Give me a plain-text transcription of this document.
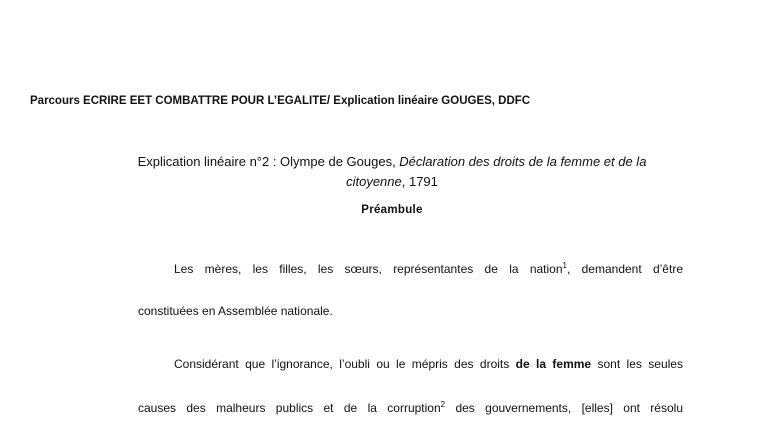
Parcours ECRIRE EET COMBATTRE POUR L’EGALITE/ Explication linéaire GOUGES, DDFC
Explication linéaire n°2 : Olympe de Gouges, Déclaration des droits de la femme et de la
citoyenne, 1791
Préambule
Les mères, les filles, les sœurs, représentantes de la nation$^1$, demandent d’être
constituées en Assemblée nationale.
Considérant que l’ignorance, l’oubli ou le mépris des droits de la femme sont les seules
causes des malheurs publics et de la corruption$^2$ des gouvernements, [elles] ont résolu
